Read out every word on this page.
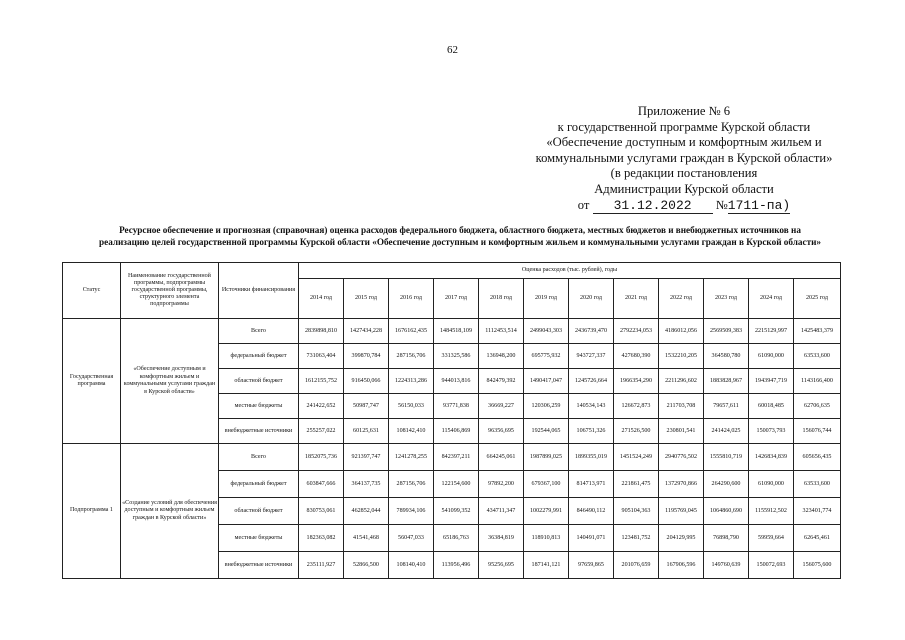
62
Приложение № 6
к государственной программе Курской области
«Обеспечение доступным и комфортным жильем и
коммунальными услугами граждан в Курской области»
(в редакции постановления
Администрации Курской области
от 31.12.2022 №1711-па)
Ресурсное обеспечение и прогнозная (справочная) оценка расходов федерального бюджета, областного бюджета, местных бюджетов и внебюджетных источников на
реализацию целей государственной программы Курской области «Обеспечение доступным и комфортным жильем и коммунальными услугами граждан в Курской области»
Статус	Наименование государственной программы, подпрограммы государственной программы, структурного элемента подпрограммы	Источники финансирования	Оценка расходов (тыс. рублей), годы											
			2014 год	2015 год	2016 год	2017 год	2018 год	2019 год	2020 год	2021 год	2022 год	2023 год	2024 год	2025 год
Государственная программа	«Обеспечение доступным и комфортным жильем и коммунальными услугами граждан в Курской области»	Всего	2839898,810	1427434,228	1676162,435	1484518,109	1112453,514	2499043,303	2436739,470	2792234,053	4186012,056	2569509,383	2215129,997	1425483,379
		федеральный бюджет	731063,404	399870,784	287156,706	331325,586	136948,200	695775,932	943727,337	427680,390	1532210,205	364580,780	61090,000	63533,600
		областной бюджет	1612155,752	916450,066	1224313,286	944013,816	842479,392	1490417,047	1245726,664	1966354,290	2211296,602	1883828,967	1943947,719	1143166,400
		местные бюджеты	241422,652	50987,747	56150,033	93771,838	36669,227	120306,259	140534,143	126672,873	211703,708	79657,611	60018,485	62706,635
		внебюджетные источники	255257,022	60125,631	108142,410	115406,869	96356,695	192544,065	106751,326	271526,500	230801,541	241424,025	150073,793	156076,744
Подпрограмма 1	«Создание условий для обеспечения доступным и комфортным жильем граждан в Курской области»	Всего	1852075,736	921397,747	1241278,255	842397,211	664245,061	1987899,025	1899355,019	1451524,249	2940776,502	1555810,719	1426834,839	605656,435
		федеральный бюджет	603847,666	364137,735	287156,706	122154,600	97892,200	679367,100	814713,971	221861,475	1372970,866	264290,600	61090,000	63533,600
		областной бюджет	830753,061	462852,044	789934,106	541099,352	434711,347	1002279,991	846490,112	905104,363	1195769,045	1064860,690	1155912,502	323401,774
		местные бюджеты	182363,082	41541,468	56047,033	65186,763	36384,819	118910,813	140491,071	123481,752	204129,995	76898,790	59959,664	62645,461
		внебюджетные источники	235111,927	52866,500	108140,410	113956,496	95256,695	187141,121	97659,865	201076,659	167906,596	149760,639	150072,693	156075,600
